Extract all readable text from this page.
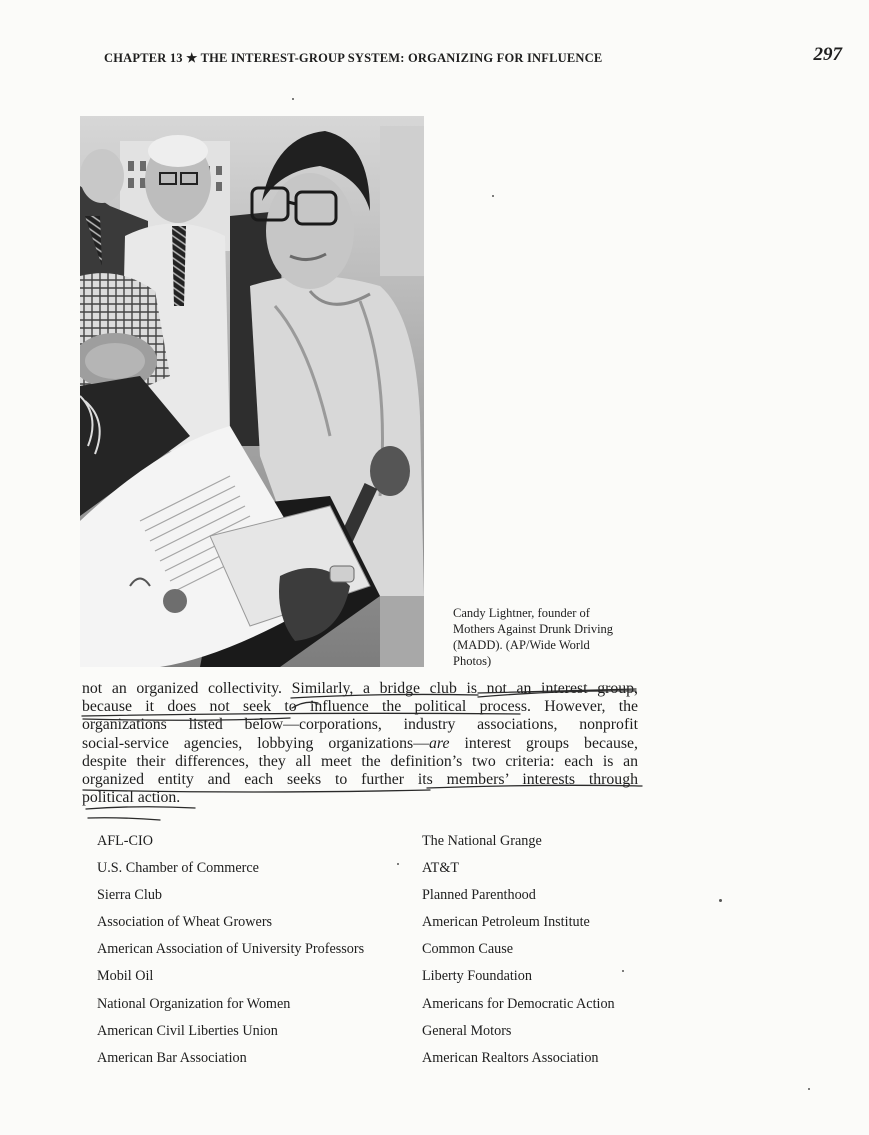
CHAPTER 13 ★ THE INTEREST-GROUP SYSTEM: ORGANIZING FOR INFLUENCE	297
Candy Lightner, founder of
Mothers Against Drunk Driving
(MADD). (AP/Wide World
Photos)

not an organized collectivity. Similarly, a bridge club is not an interest group,
because it does not seek to influence the political process. However, the
organizations listed below—corporations, industry associations, nonprofit
social-service agencies, lobbying organizations—are interest groups because,
despite their differences, they all meet the definition’s two criteria: each is an
organized entity and each seeks to further its members’ interests through
political action.

AFL-CIO
U.S. Chamber of Commerce
Sierra Club
Association of Wheat Growers
American Association of University Professors
Mobil Oil
National Organization for Women
American Civil Liberties Union
American Bar Association
The National Grange
AT&T
Planned Parenthood
American Petroleum Institute
Common Cause
Liberty Foundation
Americans for Democratic Action
General Motors
American Realtors Association
